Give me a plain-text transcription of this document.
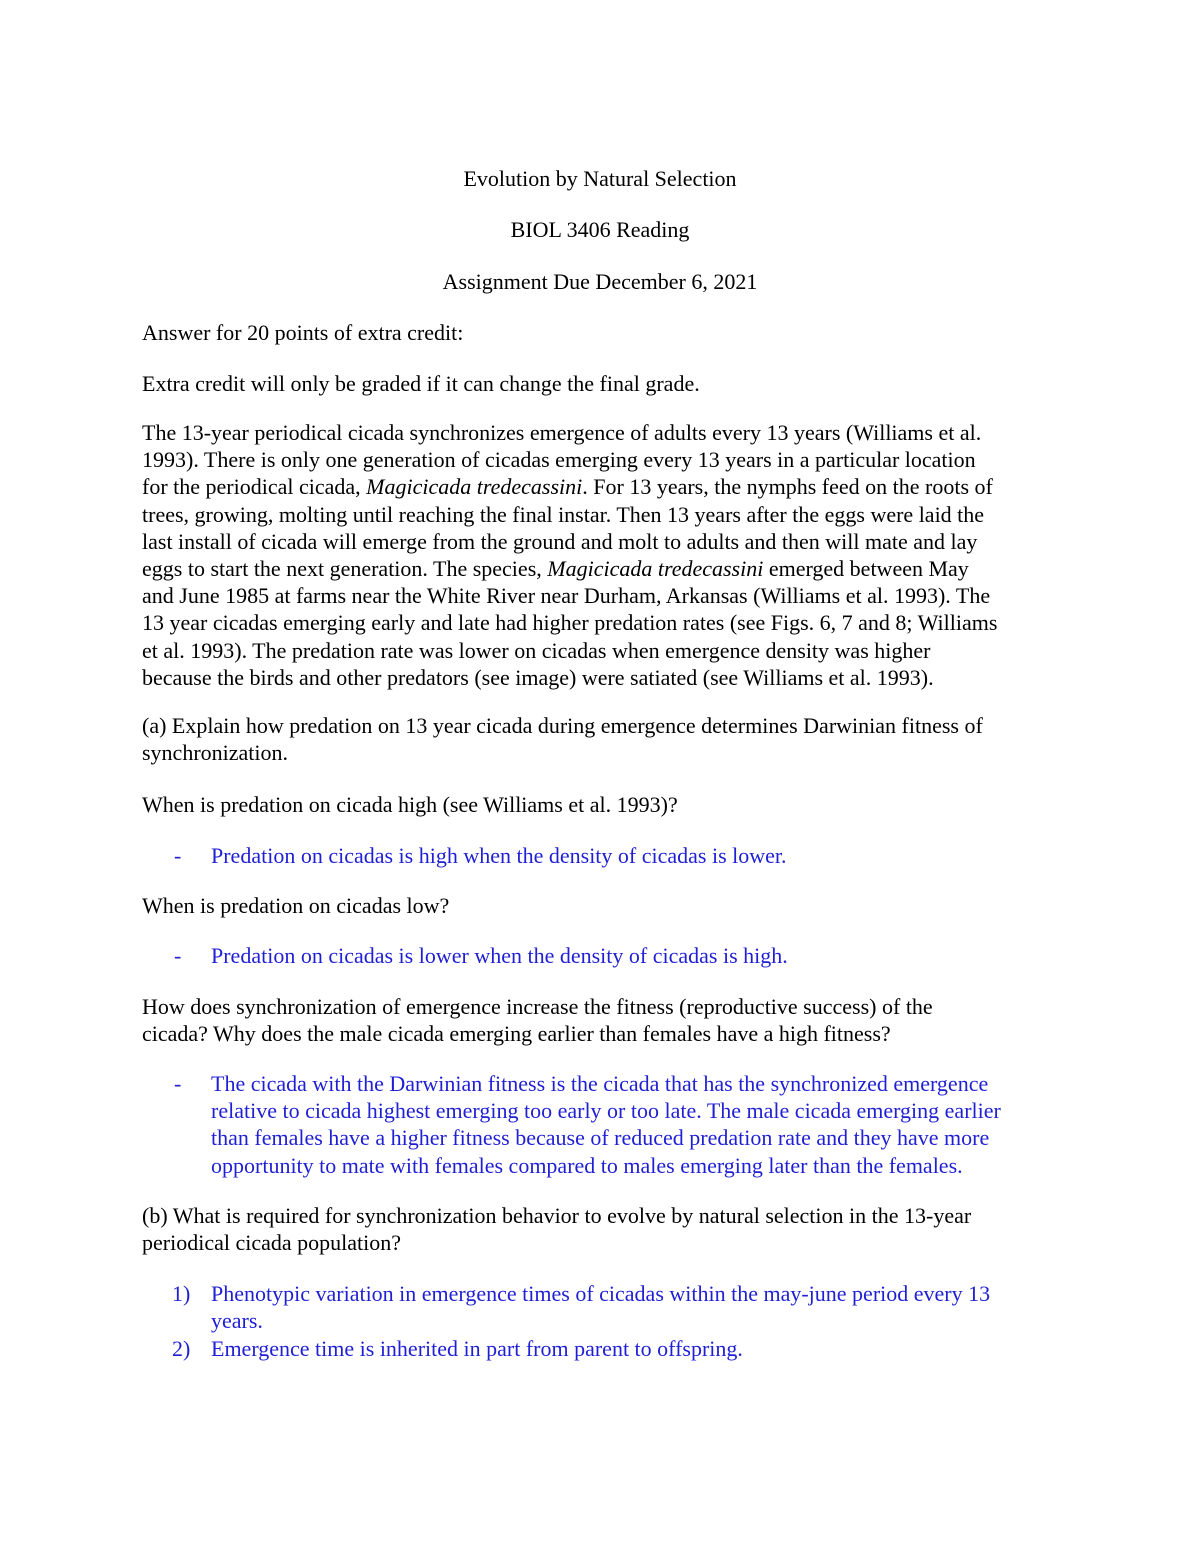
Evolution by Natural Selection
BIOL 3406 Reading
Assignment Due December 6, 2021
Answer for 20 points of extra credit:
Extra credit will only be graded if it can change the final grade.
The 13-year periodical cicada synchronizes emergence of adults every 13 years (Williams et al.
1993). There is only one generation of cicadas emerging every 13 years in a particular location
for the periodical cicada, Magicicada tredecassini. For 13 years, the nymphs feed on the roots of
trees, growing, molting until reaching the final instar. Then 13 years after the eggs were laid the
last install of cicada will emerge from the ground and molt to adults and then will mate and lay
eggs to start the next generation. The species, Magicicada tredecassini emerged between May
and June 1985 at farms near the White River near Durham, Arkansas (Williams et al. 1993). The
13 year cicadas emerging early and late had higher predation rates (see Figs. 6, 7 and 8; Williams
et al. 1993). The predation rate was lower on cicadas when emergence density was higher
because the birds and other predators (see image) were satiated (see Williams et al. 1993).
(a) Explain how predation on 13 year cicada during emergence determines Darwinian fitness of
synchronization.
When is predation on cicada high (see Williams et al. 1993)?
- Predation on cicadas is high when the density of cicadas is lower.
When is predation on cicadas low?
- Predation on cicadas is lower when the density of cicadas is high.
How does synchronization of emergence increase the fitness (reproductive success) of the
cicada? Why does the male cicada emerging earlier than females have a high fitness?
- The cicada with the Darwinian fitness is the cicada that has the synchronized emergence
relative to cicada highest emerging too early or too late. The male cicada emerging earlier
than females have a higher fitness because of reduced predation rate and they have more
opportunity to mate with females compared to males emerging later than the females.
(b) What is required for synchronization behavior to evolve by natural selection in the 13-year
periodical cicada population?
1) Phenotypic variation in emergence times of cicadas within the may-june period every 13
years.
2) Emergence time is inherited in part from parent to offspring.
